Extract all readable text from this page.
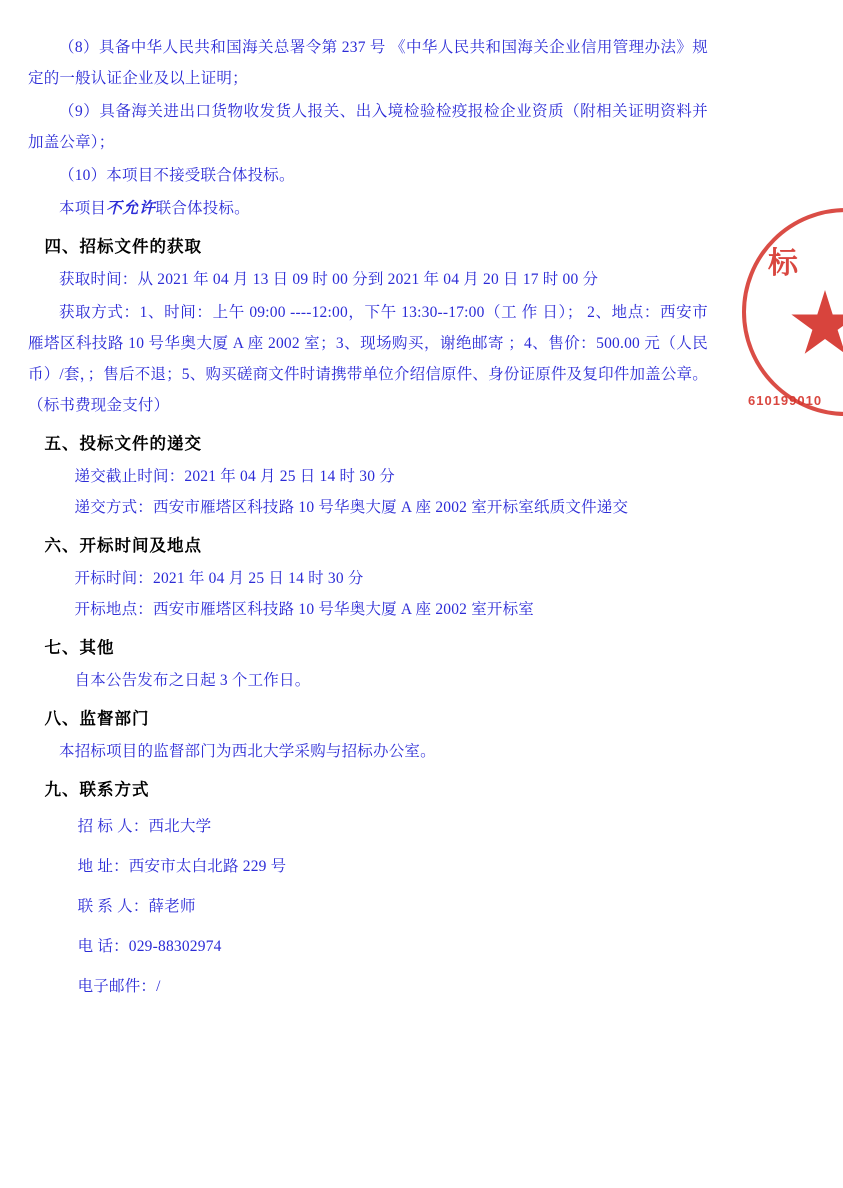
（8）具备中华人民共和国海关总署令第 237 号 《中华人民共和国海关企业信用管理办法》规定的一般认证企业及以上证明；

（9）具备海关进出口货物收发货人报关、出入境检验检疫报检企业资质（附相关证明资料并加盖公章）；

（10）本项目不接受联合体投标。

本项目不允许联合体投标。

四、招标文件的获取

获取时间：从 2021 年 04 月 13 日 09 时 00 分到 2021 年 04 月 20 日 17 时 00 分

获取方式：1、时间：上午 09:00 ----12:00，下午 13:30--17:00（工 作 日）； 2、地点：西安市雁塔区科技路 10 号华奥大厦 A 座 2002 室；3、现场购买，谢绝邮寄 ；4、售价：500.00 元（人民币）/套，；售后不退；5、购买磋商文件时请携带单位介绍信原件、身份证原件及复印件加盖公章。（标书费现金支付）

五、投标文件的递交

递交截止时间：2021 年 04 月 25 日 14 时 30 分

递交方式：西安市雁塔区科技路 10 号华奥大厦 A 座 2002 室开标室纸质文件递交

六、开标时间及地点

开标时间：2021 年 04 月 25 日 14 时 30 分

开标地点：西安市雁塔区科技路 10 号华奥大厦 A 座 2002 室开标室

七、其他

自本公告发布之日起 3 个工作日。

八、监督部门

本招标项目的监督部门为西北大学采购与招标办公室。

九、联系方式

招 标 人：西北大学

地 址：西安市太白北路 229 号

联 系 人：薛老师

电 话：029-88302974

电子邮件：/

标
610199010
